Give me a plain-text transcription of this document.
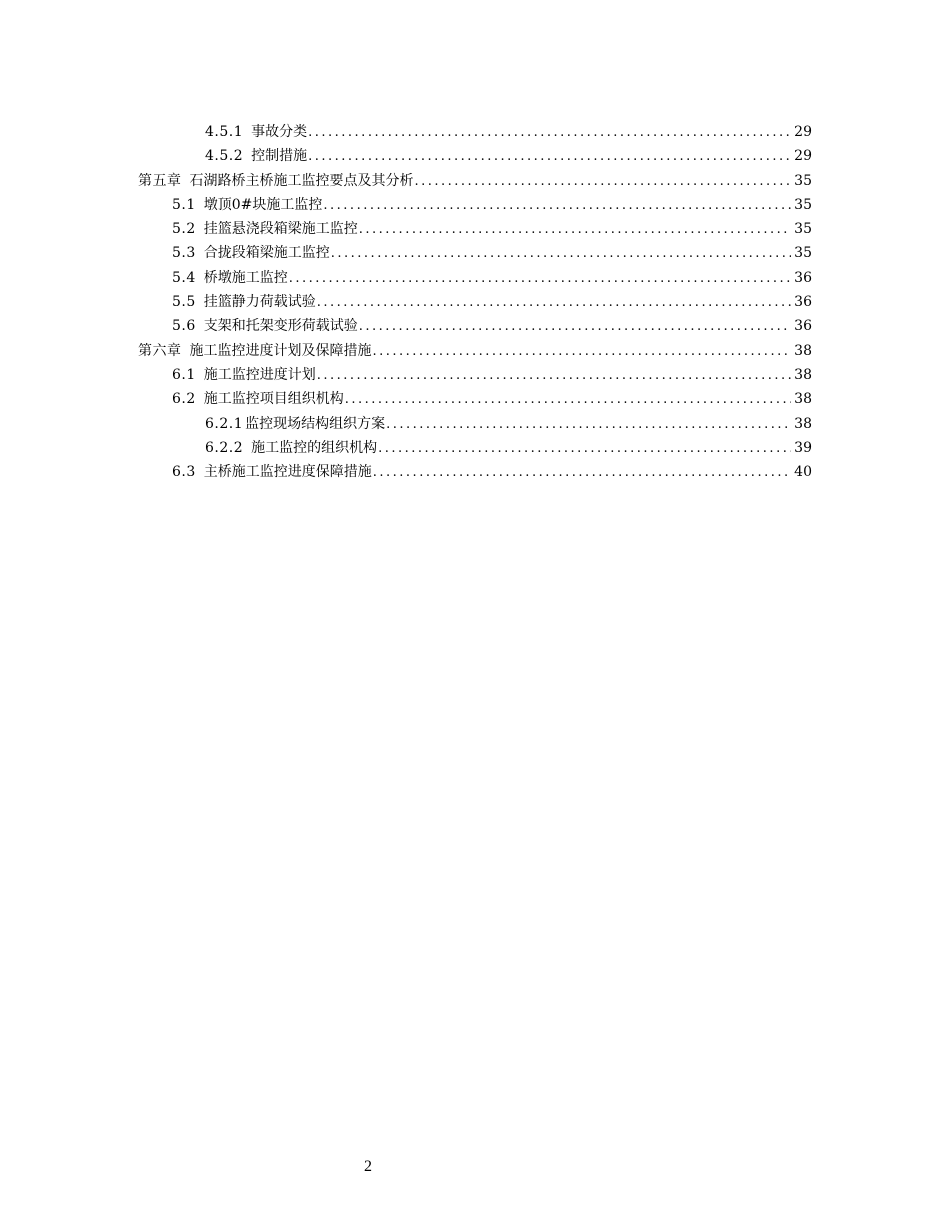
4.5.1 事故分类 .....	29
4.5.2 控制措施 .....	29
第五章 石湖路桥主桥施工监控要点及其分析 .....	35
5.1 墩顶0#块施工监控 .....	35
5.2 挂篮悬浇段箱梁施工监控 .....	35
5.3 合拢段箱梁施工监控 .....	35
5.4 桥墩施工监控 .....	36
5.5 挂篮静力荷载试验 .....	36
5.6 支架和托架变形荷载试验 .....	36
第六章 施工监控进度计划及保障措施 .....	38
6.1 施工监控进度计划 .....	38
6.2 施工监控项目组织机构 .....	38
6.2.1 监控现场结构组织方案 .....	38
6.2.2 施工监控的组织机构 .....	39
6.3 主桥施工监控进度保障措施 .....	40
2
